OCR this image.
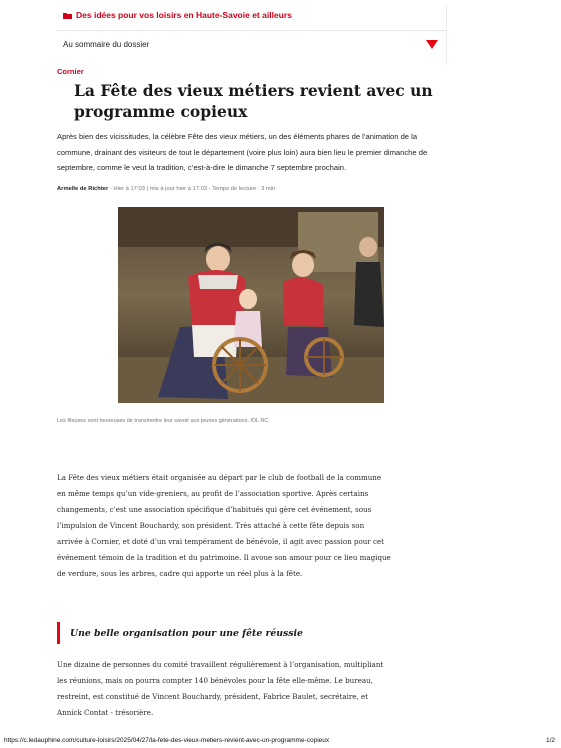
Des idées pour vos loisirs en Haute-Savoie et ailleurs
Au sommaire du dossier
Cornier
La Fête des vieux métiers revient avec un programme copieux

Après bien des vicissitudes, la célèbre Fête des vieux métiers, un des éléments phares de l’animation de la commune, drainant des visiteurs de tout le département (voire plus loin) aura bien lieu le premier dimanche de septembre, comme le veut la tradition, c’est-à-dire le dimanche 7 septembre prochain.

Armelle de Richter - Hier à 17:03 | mis à jour hier à 17:03 - Temps de lecture : 3 min
Les fileuses sont heureuses de transmettre leur savoir aux jeunes générations. /DL RC

La Fête des vieux métiers était organisée au départ par le club de football de la commune en même temps qu’un vide-greniers, au profit de l’association sportive. Après certains changements, c’est une association spécifique d’habitués qui gère cet événement, sous l’impulsion de Vincent Bouchardy, son président. Très attaché à cette fête depuis son arrivée à Cornier, et doté d’un vrai tempérament de bénévole, il agit avec passion pour cet événement témoin de la tradition et du patrimoine. Il avoue son amour pour ce lieu magique de verdure, sous les arbres, cadre qui apporte un réel plus à la fête.

Une belle organisation pour une fête réussie

Une dizaine de personnes du comité travaillent régulièrement à l’organisation, multipliant les réunions, mais on pourra compter 140 bénévoles pour la fête elle-même. Le bureau, restreint, est constitué de Vincent Bouchardy, président, Fabrice Baulet, secrétaire, et Annick Contat - trésorière.

https://c.ledauphine.com/culture-loisirs/2025/04/27/la-fete-des-vieux-metiers-revient-avec-un-programme-copieux	1/2
